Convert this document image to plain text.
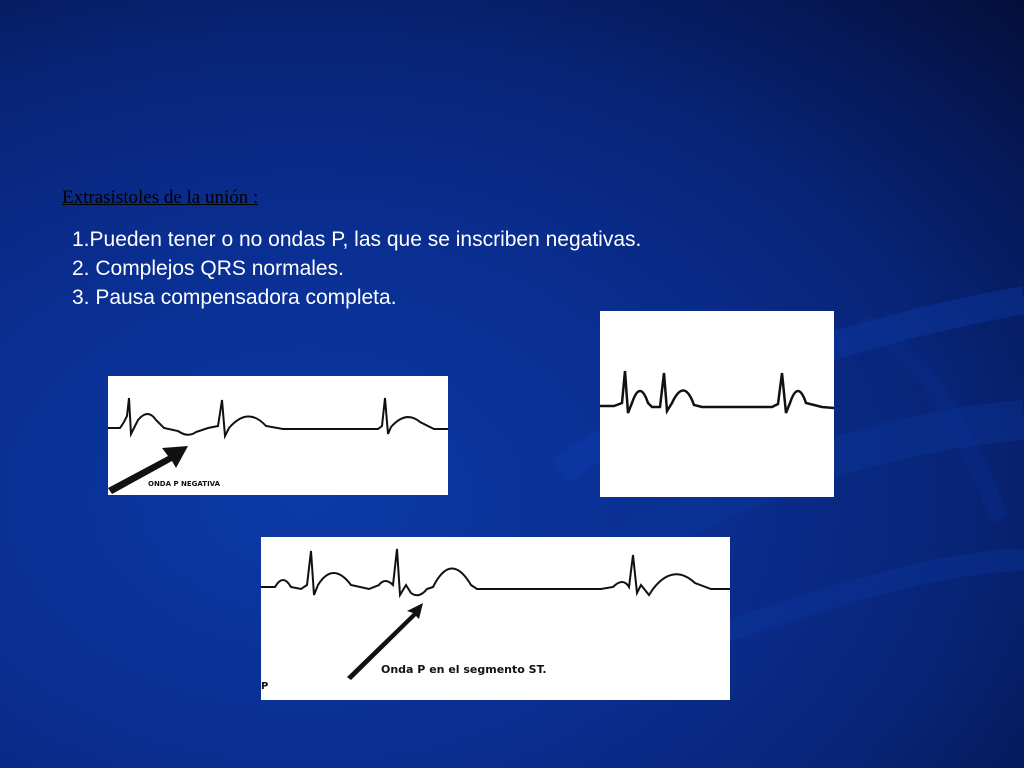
Extrasistoles de la unión :
1.Pueden tener o no ondas P, las que se inscriben negativas.
2. Complejos QRS normales.
3. Pausa compensadora completa.
ONDA P NEGATIVA
Onda P en el segmento ST.
P
